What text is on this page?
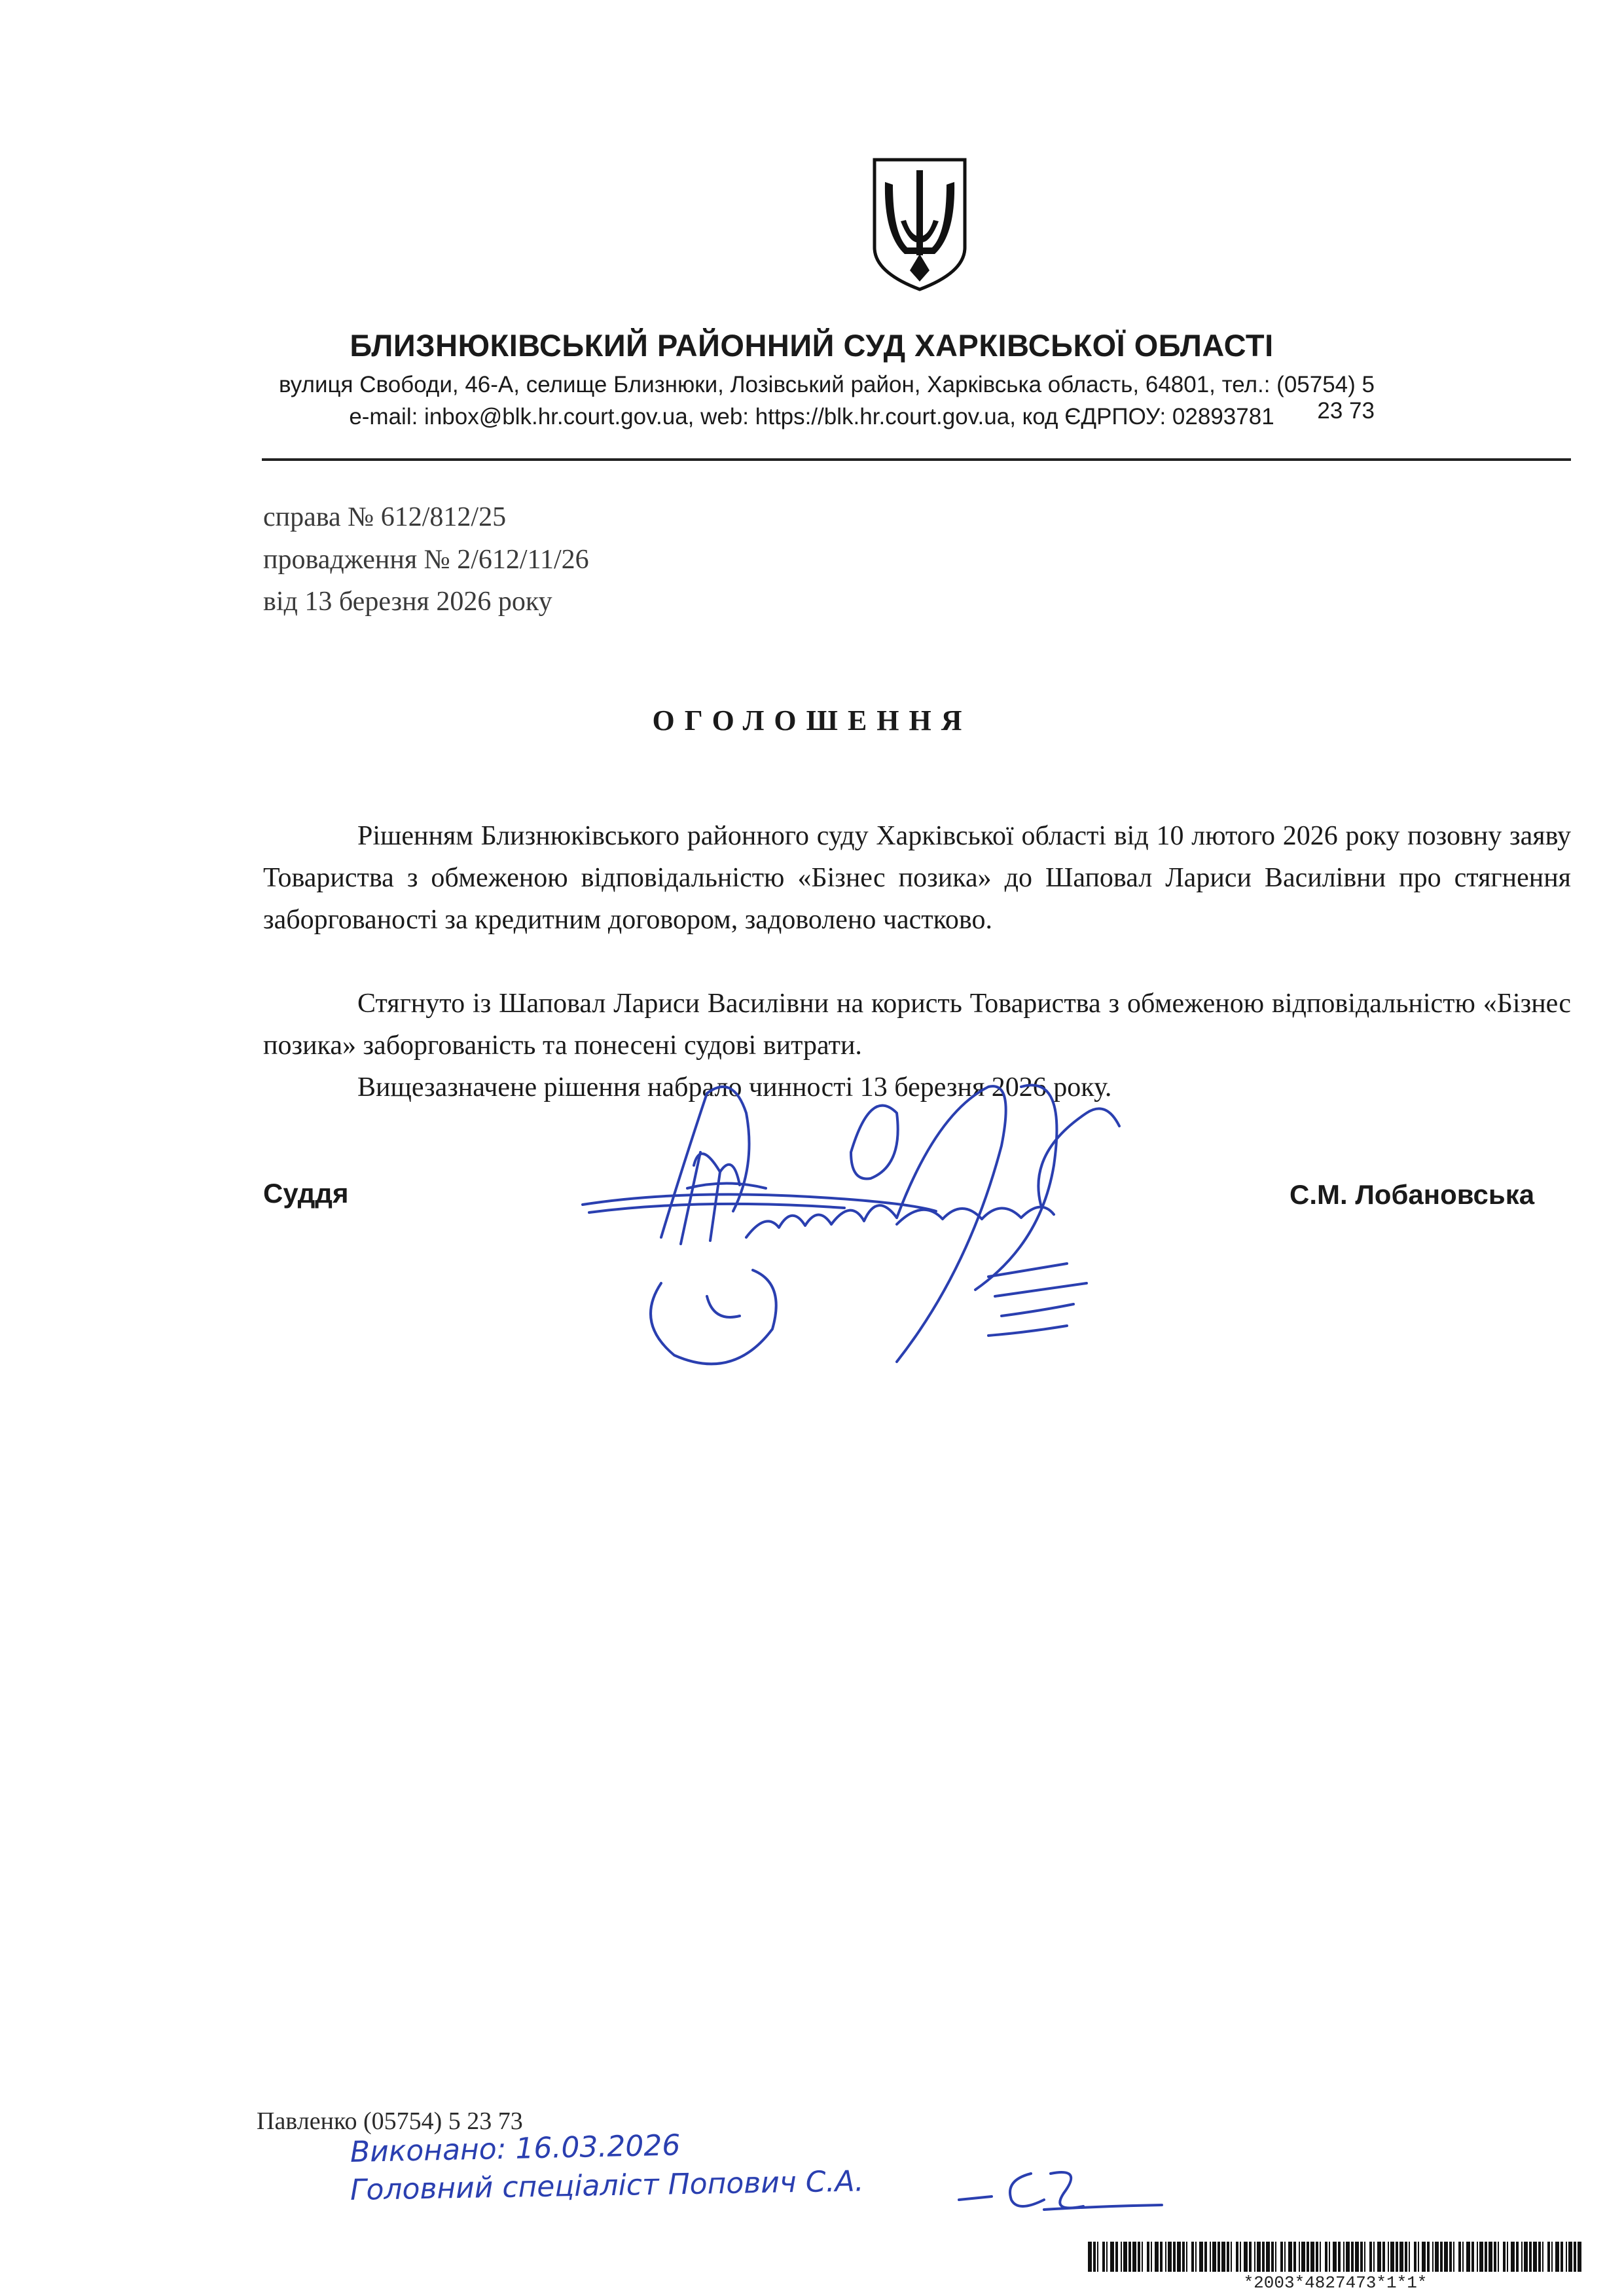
БЛИЗНЮКІВСЬКИЙ РАЙОННИЙ СУД ХАРКІВСЬКОЇ ОБЛАСТІ
вулиця Свободи, 46-А, селище Близнюки, Лозівський район, Харківська область, 64801, тел.: (05754) 5 23 73
e-mail: inbox@blk.hr.court.gov.ua, web: https://blk.hr.court.gov.ua, код ЄДРПОУ: 02893781
справа № 612/812/25
провадження № 2/612/11/26
від 13 березня 2026 року
ОГОЛОШЕННЯ

Рішенням Близнюківського районного суду Харківської області від 10 лютого 2026 року позовну заяву Товариства з обмеженою відповідальністю «Бізнес позика» до Шаповал Лариси Василівни про стягнення заборгованості за кредитним договором, задоволено частково.

Стягнуто із Шаповал Лариси Василівни на користь Товариства з обмеженою відповідальністю «Бізнес позика» заборгованість та понесені судові витрати.

Вищезазначене рішення набрало чинності 13 березня 2026 року.

Суддя	С.М. Лобановська
Павленко (05754) 5 23 73
Виконано: 16.03.2026
Головний спеціаліст Попович С.А.
*2003*4827473*1*1*
